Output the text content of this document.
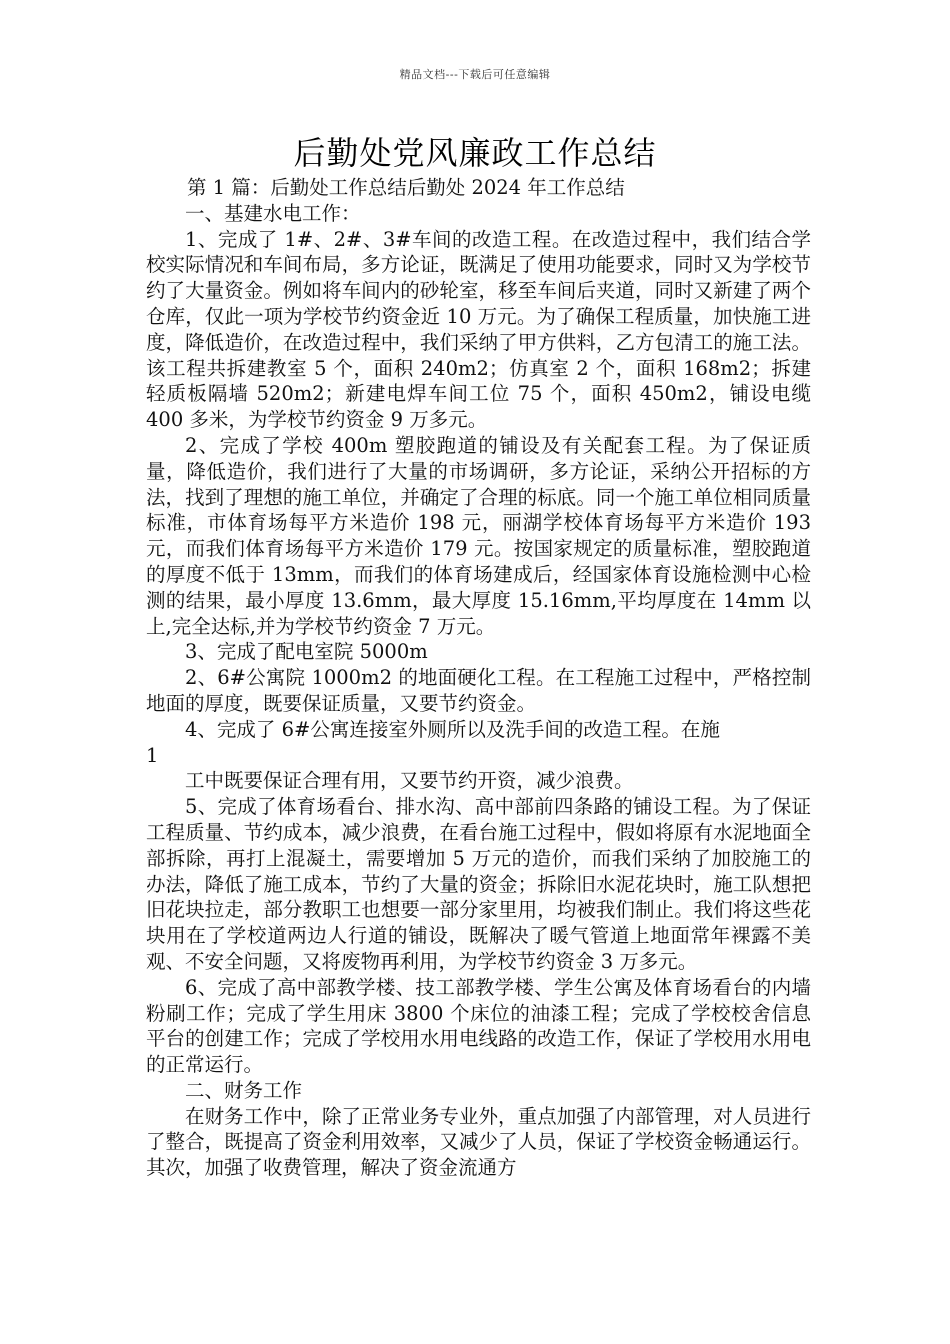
精品文档---下载后可任意编辑
后勤处党风廉政工作总结

第 1 篇：后勤处工作总结后勤处 2024 年工作总结

一、基建水电工作：

1、完成了 1#、2#、3#车间的改造工程。在改造过程中，我们结合学校实际情况和车间布局，多方论证，既满足了使用功能要求，同时又为学校节约了大量资金。例如将车间内的砂轮室，移至车间后夹道，同时又新建了两个仓库，仅此一项为学校节约资金近 10 万元。为了确保工程质量，加快施工进度，降低造价，在改造过程中，我们采纳了甲方供料，乙方包清工的施工法。该工程共拆建教室 5 个，面积 240m2；仿真室 2 个，面积 168m2；拆建轻质板隔墙 520m2；新建电焊车间工位 75 个，面积 450m2，铺设电缆 400 多米，为学校节约资金 9 万多元。

2、完成了学校 400m 塑胶跑道的铺设及有关配套工程。为了保证质量，降低造价，我们进行了大量的市场调研，多方论证，采纳公开招标的方法，找到了理想的施工单位，并确定了合理的标底。同一个施工单位相同质量标准，市体育场每平方米造价 198 元，丽湖学校体育场每平方米造价 193 元，而我们体育场每平方米造价 179 元。按国家规定的质量标准，塑胶跑道的厚度不低于 13mm，而我们的体育场建成后，经国家体育设施检测中心检测的结果，最小厚度 13.6mm，最大厚度 15.16mm,平均厚度在 14mm 以上,完全达标,并为学校节约资金 7 万元。

3、完成了配电室院 5000m

2、6#公寓院 1000m2 的地面硬化工程。在工程施工过程中，严格控制地面的厚度，既要保证质量，又要节约资金。

4、完成了 6#公寓连接室外厕所以及洗手间的改造工程。在施

1

工中既要保证合理有用，又要节约开资，减少浪费。

5、完成了体育场看台、排水沟、高中部前四条路的铺设工程。为了保证工程质量、节约成本，减少浪费，在看台施工过程中，假如将原有水泥地面全部拆除，再打上混凝土，需要增加 5 万元的造价，而我们采纳了加胶施工的办法，降低了施工成本，节约了大量的资金；拆除旧水泥花块时，施工队想把旧花块拉走，部分教职工也想要一部分家里用，均被我们制止。我们将这些花块用在了学校道两边人行道的铺设，既解决了暖气管道上地面常年裸露不美观、不安全问题，又将废物再利用，为学校节约资金 3 万多元。

6、完成了高中部教学楼、技工部教学楼、学生公寓及体育场看台的内墙粉刷工作；完成了学生用床 3800 个床位的油漆工程；完成了学校校舍信息平台的创建工作；完成了学校用水用电线路的改造工作，保证了学校用水用电的正常运行。

二、财务工作

在财务工作中，除了正常业务专业外，重点加强了内部管理，对人员进行了整合，既提高了资金利用效率，又减少了人员，保证了学校资金畅通运行。其次，加强了收费管理，解决了资金流通方
